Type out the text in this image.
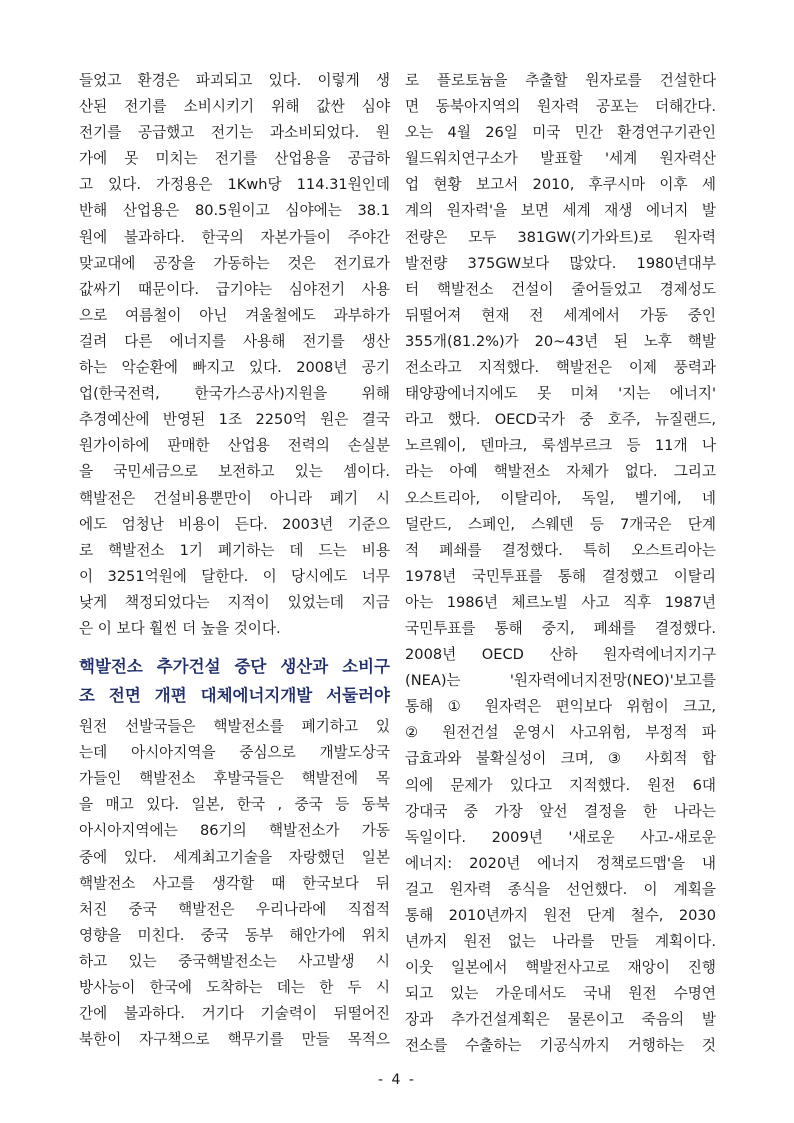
들었고 환경은 파괴되고 있다. 이렇게 생
산된 전기를 소비시키기 위해 값싼 심야
전기를 공급했고 전기는 과소비되었다. 원
가에 못 미치는 전기를 산업용을 공급하
고 있다. 가정용은 1Kwh당 114.31원인데
반해 산업용은 80.5원이고 심야에는 38.1
원에 불과하다. 한국의 자본가들이 주야간
맞교대에 공장을 가동하는 것은 전기료가
값싸기 때문이다. 급기야는 심야전기 사용
으로 여름철이 아닌 겨울철에도 과부하가
걸려 다른 에너지를 사용해 전기를 생산
하는 악순환에 빠지고 있다. 2008년 공기
업(한국전력, 한국가스공사)지원을 위해
추경예산에 반영된 1조 2250억 원은 결국
원가이하에 판매한 산업용 전력의 손실분
을 국민세금으로 보전하고 있는 셈이다.
핵발전은 건설비용뿐만이 아니라 폐기 시
에도 엄청난 비용이 든다. 2003년 기준으
로 핵발전소 1기 폐기하는 데 드는 비용
이 3251억원에 달한다. 이 당시에도 너무
낮게 책정되었다는 지적이 있었는데 지금
은 이 보다 훨씬 더 높을 것이다.
핵발전소 추가건설 중단 생산과 소비구
조 전면 개편 대체에너지개발 서둘러야
원전 선발국들은 핵발전소를 폐기하고 있
는데 아시아지역을 중심으로 개발도상국
가들인 핵발전소 후발국들은 핵발전에 목
을 매고 있다. 일본, 한국 , 중국 등 동북
아시아지역에는 86기의 핵발전소가 가동
중에 있다. 세계최고기술을 자랑했던 일본
핵발전소 사고를 생각할 때 한국보다 뒤
처진 중국 핵발전은 우리나라에 직접적
영향을 미친다. 중국 동부 해안가에 위치
하고 있는 중국핵발전소는 사고발생 시
방사능이 한국에 도착하는 데는 한 두 시
간에 불과하다. 거기다 기술력이 뒤떨어진
북한이 자구책으로 핵무기를 만들 목적으
로 플로토늄을 추출할 원자로를 건설한다
면 동북아지역의 원자력 공포는 더해간다.
오는 4월 26일 미국 민간 환경연구기관인
월드워치연구소가 발표할 '세계 원자력산
업 현황 보고서 2010, 후쿠시마 이후 세
계의 원자력'을 보면 세계 재생 에너지 발
전량은 모두 381GW(기가와트)로 원자력
발전량 375GW보다 많았다. 1980년대부
터 핵발전소 건설이 줄어들었고 경제성도
뒤떨어져 현재 전 세계에서 가동 중인
355개(81.2%)가 20~43년 된 노후 핵발
전소라고 지적했다. 핵발전은 이제 풍력과
태양광에너지에도 못 미쳐 '지는 에너지'
라고 했다. OECD국가 중 호주, 뉴질랜드,
노르웨이, 덴마크, 룩셈부르크 등 11개 나
라는 아예 핵발전소 자체가 없다. 그리고
오스트리아, 이탈리아, 독일, 벨기에, 네
덜란드, 스페인, 스웨덴 등 7개국은 단계
적 폐쇄를 결정했다. 특히 오스트리아는
1978년 국민투표를 통해 결정했고 이탈리
아는 1986년 체르노빌 사고 직후 1987년
국민투표를 통해 중지, 폐쇄를 결정했다.
2008년 OECD 산하 원자력에너지기구
(NEA)는 '원자력에너지전망(NEO)'보고를
통해 ① 원자력은 편익보다 위험이 크고,
② 원전건설 운영시 사고위험, 부정적 파
급효과와 불확실성이 크며, ③ 사회적 합
의에 문제가 있다고 지적했다. 원전 6대
강대국 중 가장 앞선 결정을 한 나라는
독일이다. 2009년 '새로운 사고-새로운
에너지: 2020년 에너지 정책로드맵'을 내
걸고 원자력 종식을 선언했다. 이 계획을
통해 2010년까지 원전 단계 철수, 2030
년까지 원전 없는 나라를 만들 계획이다.
이웃 일본에서 핵발전사고로 재앙이 진행
되고 있는 가운데서도 국내 원전 수명연
장과 추가건설계획은 물론이고 죽음의 발
전소를 수출하는 기공식까지 거행하는 것
- 4 -
